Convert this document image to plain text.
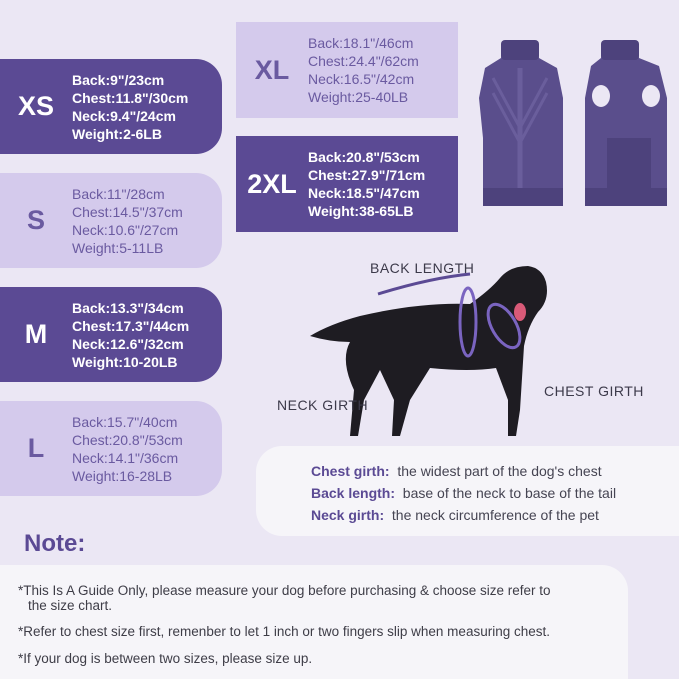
XS
Back:9"/23cm
Chest:11.8"/30cm
Neck:9.4"/24cm
Weight:2-6LB
S
Back:11"/28cm
Chest:14.5"/37cm
Neck:10.6"/27cm
Weight:5-11LB
M
Back:13.3"/34cm
Chest:17.3"/44cm
Neck:12.6"/32cm
Weight:10-20LB
L
Back:15.7"/40cm
Chest:20.8"/53cm
Neck:14.1"/36cm
Weight:16-28LB
XL
Back:18.1"/46cm
Chest:24.4"/62cm
Neck:16.5"/42cm
Weight:25-40LB
2XL
Back:20.8"/53cm
Chest:27.9"/71cm
Neck:18.5"/47cm
Weight:38-65LB
BACK LENGTH
NECK GIRTH
CHEST GIRTH
Chest girth: the widest part of the dog's chest
Back length: base of the neck to base of the tail
Neck girth: the neck circumference of the pet
Note:
*This Is A Guide Only, please measure your dog before purchasing & choose size refer to
the size chart.
*Refer to chest size first, remenber to let 1 inch or two fingers slip when measuring chest.
*If your dog is between two sizes, please size up.
